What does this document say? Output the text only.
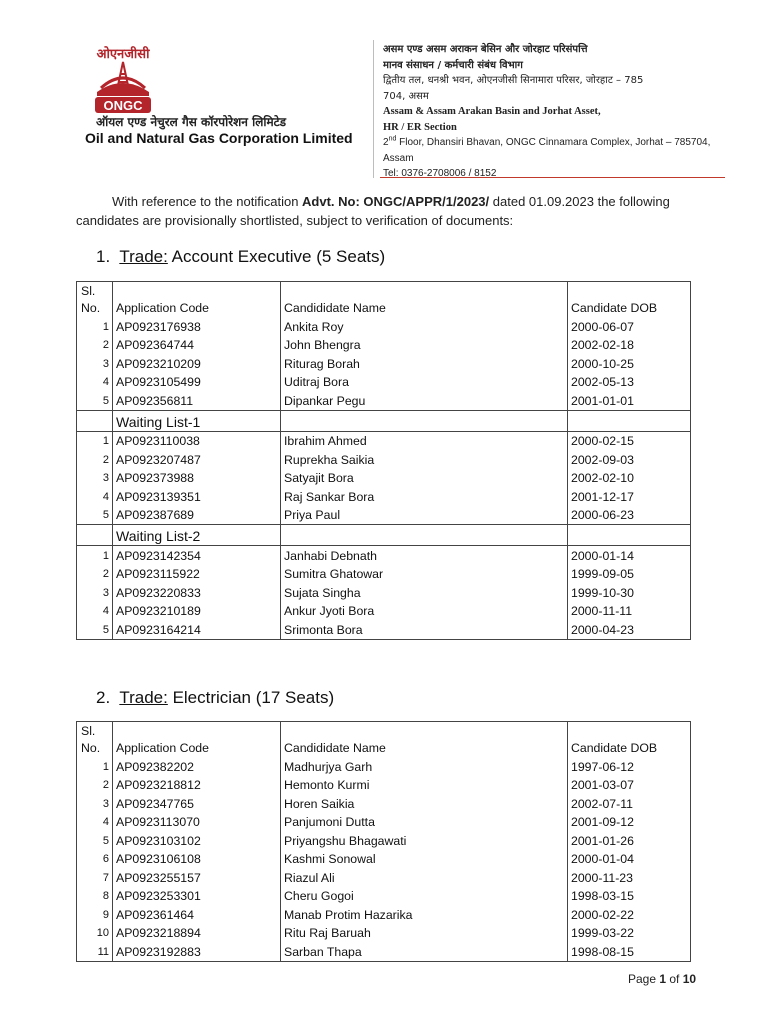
ओएनजीसी
ONGC
ऑयल एण्ड नेचुरल गैस कॉरपोरेशन लिमिटेड
Oil and Natural Gas Corporation Limited
असम एण्ड असम अराकन बेसिन और जोरहाट परिसंपत्ति
मानव संसाधन / कर्मचारी संबंध विभाग
द्वितीय तल, धनश्री भवन, ओएनजीसी सिनामारा परिसर, जोरहाट – 785
704, असम
Assam & Assam Arakan Basin and Jorhat Asset,
HR / ER Section
2nd Floor, Dhansiri Bhavan, ONGC Cinnamara Complex, Jorhat – 785704,
Assam
Tel: 0376-2708006 / 8152
With reference to the notification Advt. No: ONGC/APPR/1/2023/ dated 01.09.2023 the following candidates are provisionally shortlisted, subject to verification of documents:
1. Trade: Account Executive (5 Seats)
Sl.
No.	Application Code	Candididate Name	Candidate DOB
1	AP0923176938	Ankita Roy	2000-06-07
2	AP092364744	John Bhengra	2002-02-18
3	AP0923210209	Riturag Borah	2000-10-25
4	AP0923105499	Uditraj Bora	2002-05-13
5	AP092356811	Dipankar Pegu	2001-01-01
	Waiting List-1		
1	AP0923110038	Ibrahim Ahmed	2000-02-15
2	AP0923207487	Ruprekha Saikia	2002-09-03
3	AP092373988	Satyajit Bora	2002-02-10
4	AP0923139351	Raj Sankar Bora	2001-12-17
5	AP092387689	Priya Paul	2000-06-23
	Waiting List-2		
1	AP0923142354	Janhabi Debnath	2000-01-14
2	AP0923115922	Sumitra Ghatowar	1999-09-05
3	AP0923220833	Sujata Singha	1999-10-30
4	AP0923210189	Ankur Jyoti Bora	2000-11-11
5	AP0923164214	Srimonta Bora	2000-04-23
2. Trade: Electrician (17 Seats)
Sl.
No.	Application Code	Candididate Name	Candidate DOB
1	AP092382202	Madhurjya Garh	1997-06-12
2	AP0923218812	Hemonto Kurmi	2001-03-07
3	AP092347765	Horen Saikia	2002-07-11
4	AP0923113070	Panjumoni Dutta	2001-09-12
5	AP0923103102	Priyangshu Bhagawati	2001-01-26
6	AP0923106108	Kashmi Sonowal	2000-01-04
7	AP0923255157	Riazul Ali	2000-11-23
8	AP0923253301	Cheru Gogoi	1998-03-15
9	AP092361464	Manab Protim Hazarika	2000-02-22
10	AP0923218894	Ritu Raj Baruah	1999-03-22
11	AP0923192883	Sarban Thapa	1998-08-15
Page 1 of 10
